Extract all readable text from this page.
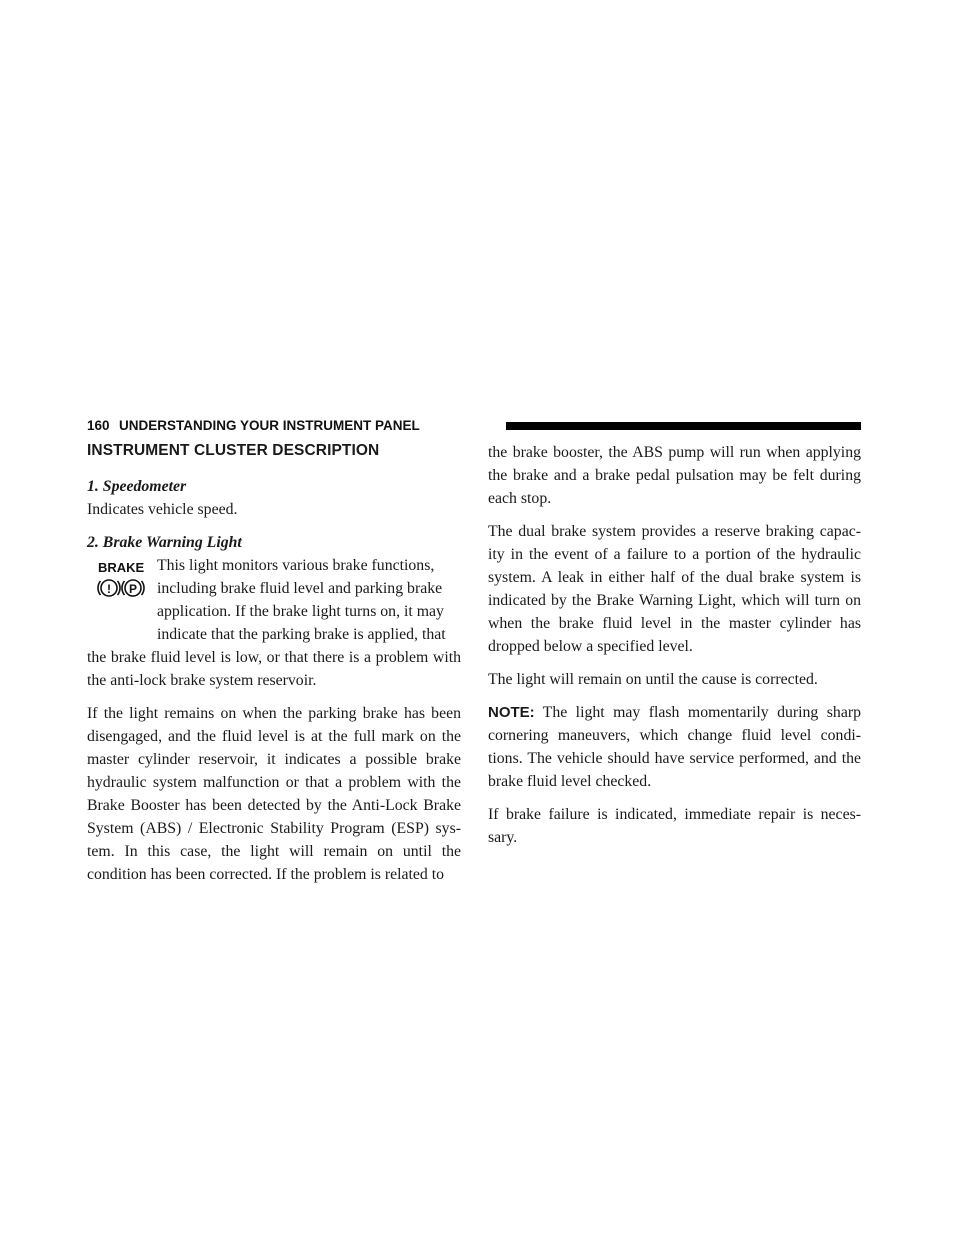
160 UNDERSTANDING YOUR INSTRUMENT PANEL
INSTRUMENT CLUSTER DESCRIPTION

1. Speedometer

Indicates vehicle speed.

2. Brake Warning Light

BRAKE
! P

This light monitors various brake functions,

including brake fluid level and parking brake

application. If the brake light turns on, it may

indicate that the parking brake is applied, that

the brake fluid level is low, or that there is a problem with the anti-lock brake system reservoir.

If the light remains on when the parking brake has been disengaged, and the fluid level is at the full mark on the master cylinder reservoir, it indicates a possible brake hydraulic system malfunction or that a problem with the Brake Booster has been detected by the Anti-Lock Brake System (ABS) / Electronic Stability Program (ESP) sys- tem. In this case, the light will remain on until the condition has been corrected. If the problem is related to

the brake booster, the ABS pump will run when applying the brake and a brake pedal pulsation may be felt during each stop.

The dual brake system provides a reserve braking capac- ity in the event of a failure to a portion of the hydraulic system. A leak in either half of the dual brake system is indicated by the Brake Warning Light, which will turn on when the brake fluid level in the master cylinder has dropped below a specified level.

The light will remain on until the cause is corrected.

NOTE: The light may flash momentarily during sharp cornering maneuvers, which change fluid level condi- tions. The vehicle should have service performed, and the brake fluid level checked.

If brake failure is indicated, immediate repair is neces- sary.
